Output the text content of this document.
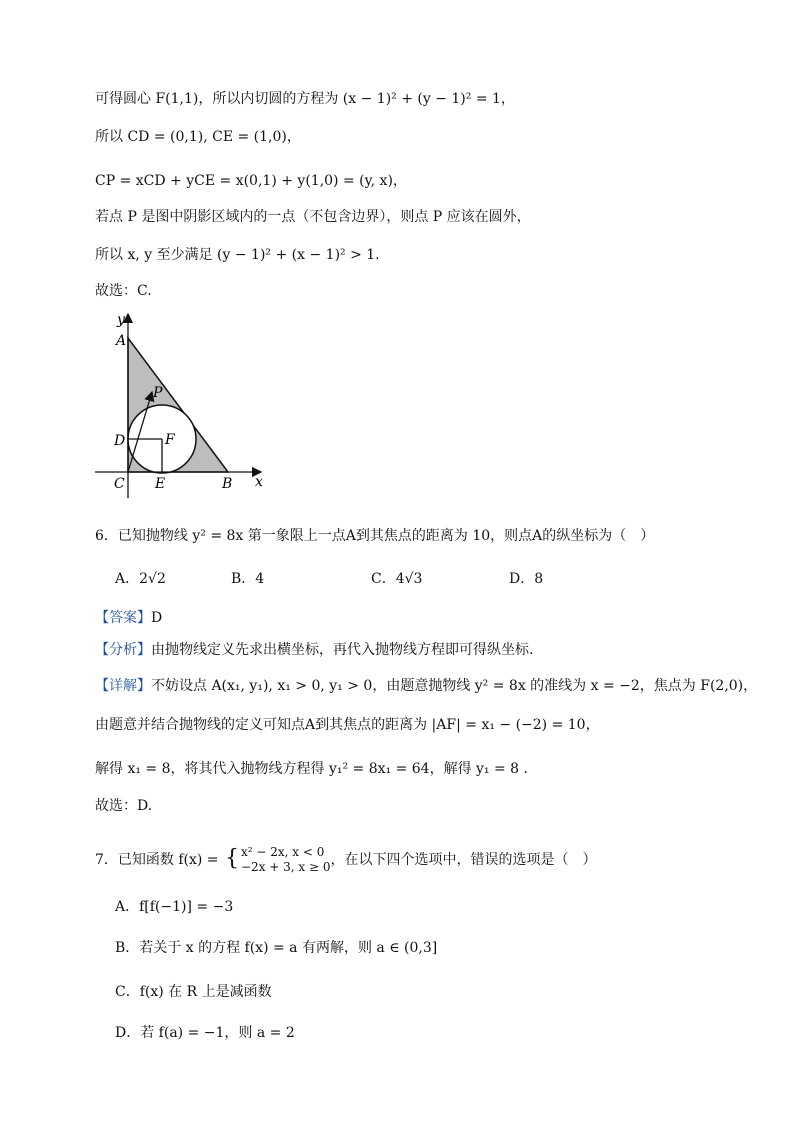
可得圆心 F(1,1)，所以内切圆的方程为 (x − 1)² + (y − 1)² = 1，
所以 CD = (0,1), CE = (1,0)，
CP = xCD + yCE = x(0,1) + y(1,0) = (y, x)，
若点 P 是图中阴影区域内的一点（不包含边界），则点 P 应该在圆外，
所以 x, y 至少满足 (y − 1)² + (x − 1)² > 1.
故选：C.
y
x
A
B
C
D
E
F
P
6．已知抛物线 y² = 8x 第一象限上一点A到其焦点的距离为 10，则点A的纵坐标为（　）
A．2√2	B．4	C．4√3	D．8
【答案】D
【分析】由抛物线定义先求出横坐标，再代入抛物线方程即可得纵坐标.
【详解】不妨设点 A(x₁, y₁), x₁ > 0, y₁ > 0，由题意抛物线 y² = 8x 的准线为 x = −2，焦点为 F(2,0)，
由题意并结合抛物线的定义可知点A到其焦点的距离为 |AF| = x₁ − (−2) = 10，
解得 x₁ = 8，将其代入抛物线方程得 y₁² = 8x₁ = 64，解得 y₁ = 8 .
故选：D.
7．已知函数 f(x) = { x² − 2x, x < 0
−2x + 3, x ≥ 0 ，在以下四个选项中，错误的选项是（　）
A．f[f(−1)] = −3
B．若关于 x 的方程 f(x) = a 有两解，则 a ∈ (0,3]
C．f(x) 在 R 上是减函数
D．若 f(a) = −1，则 a = 2
